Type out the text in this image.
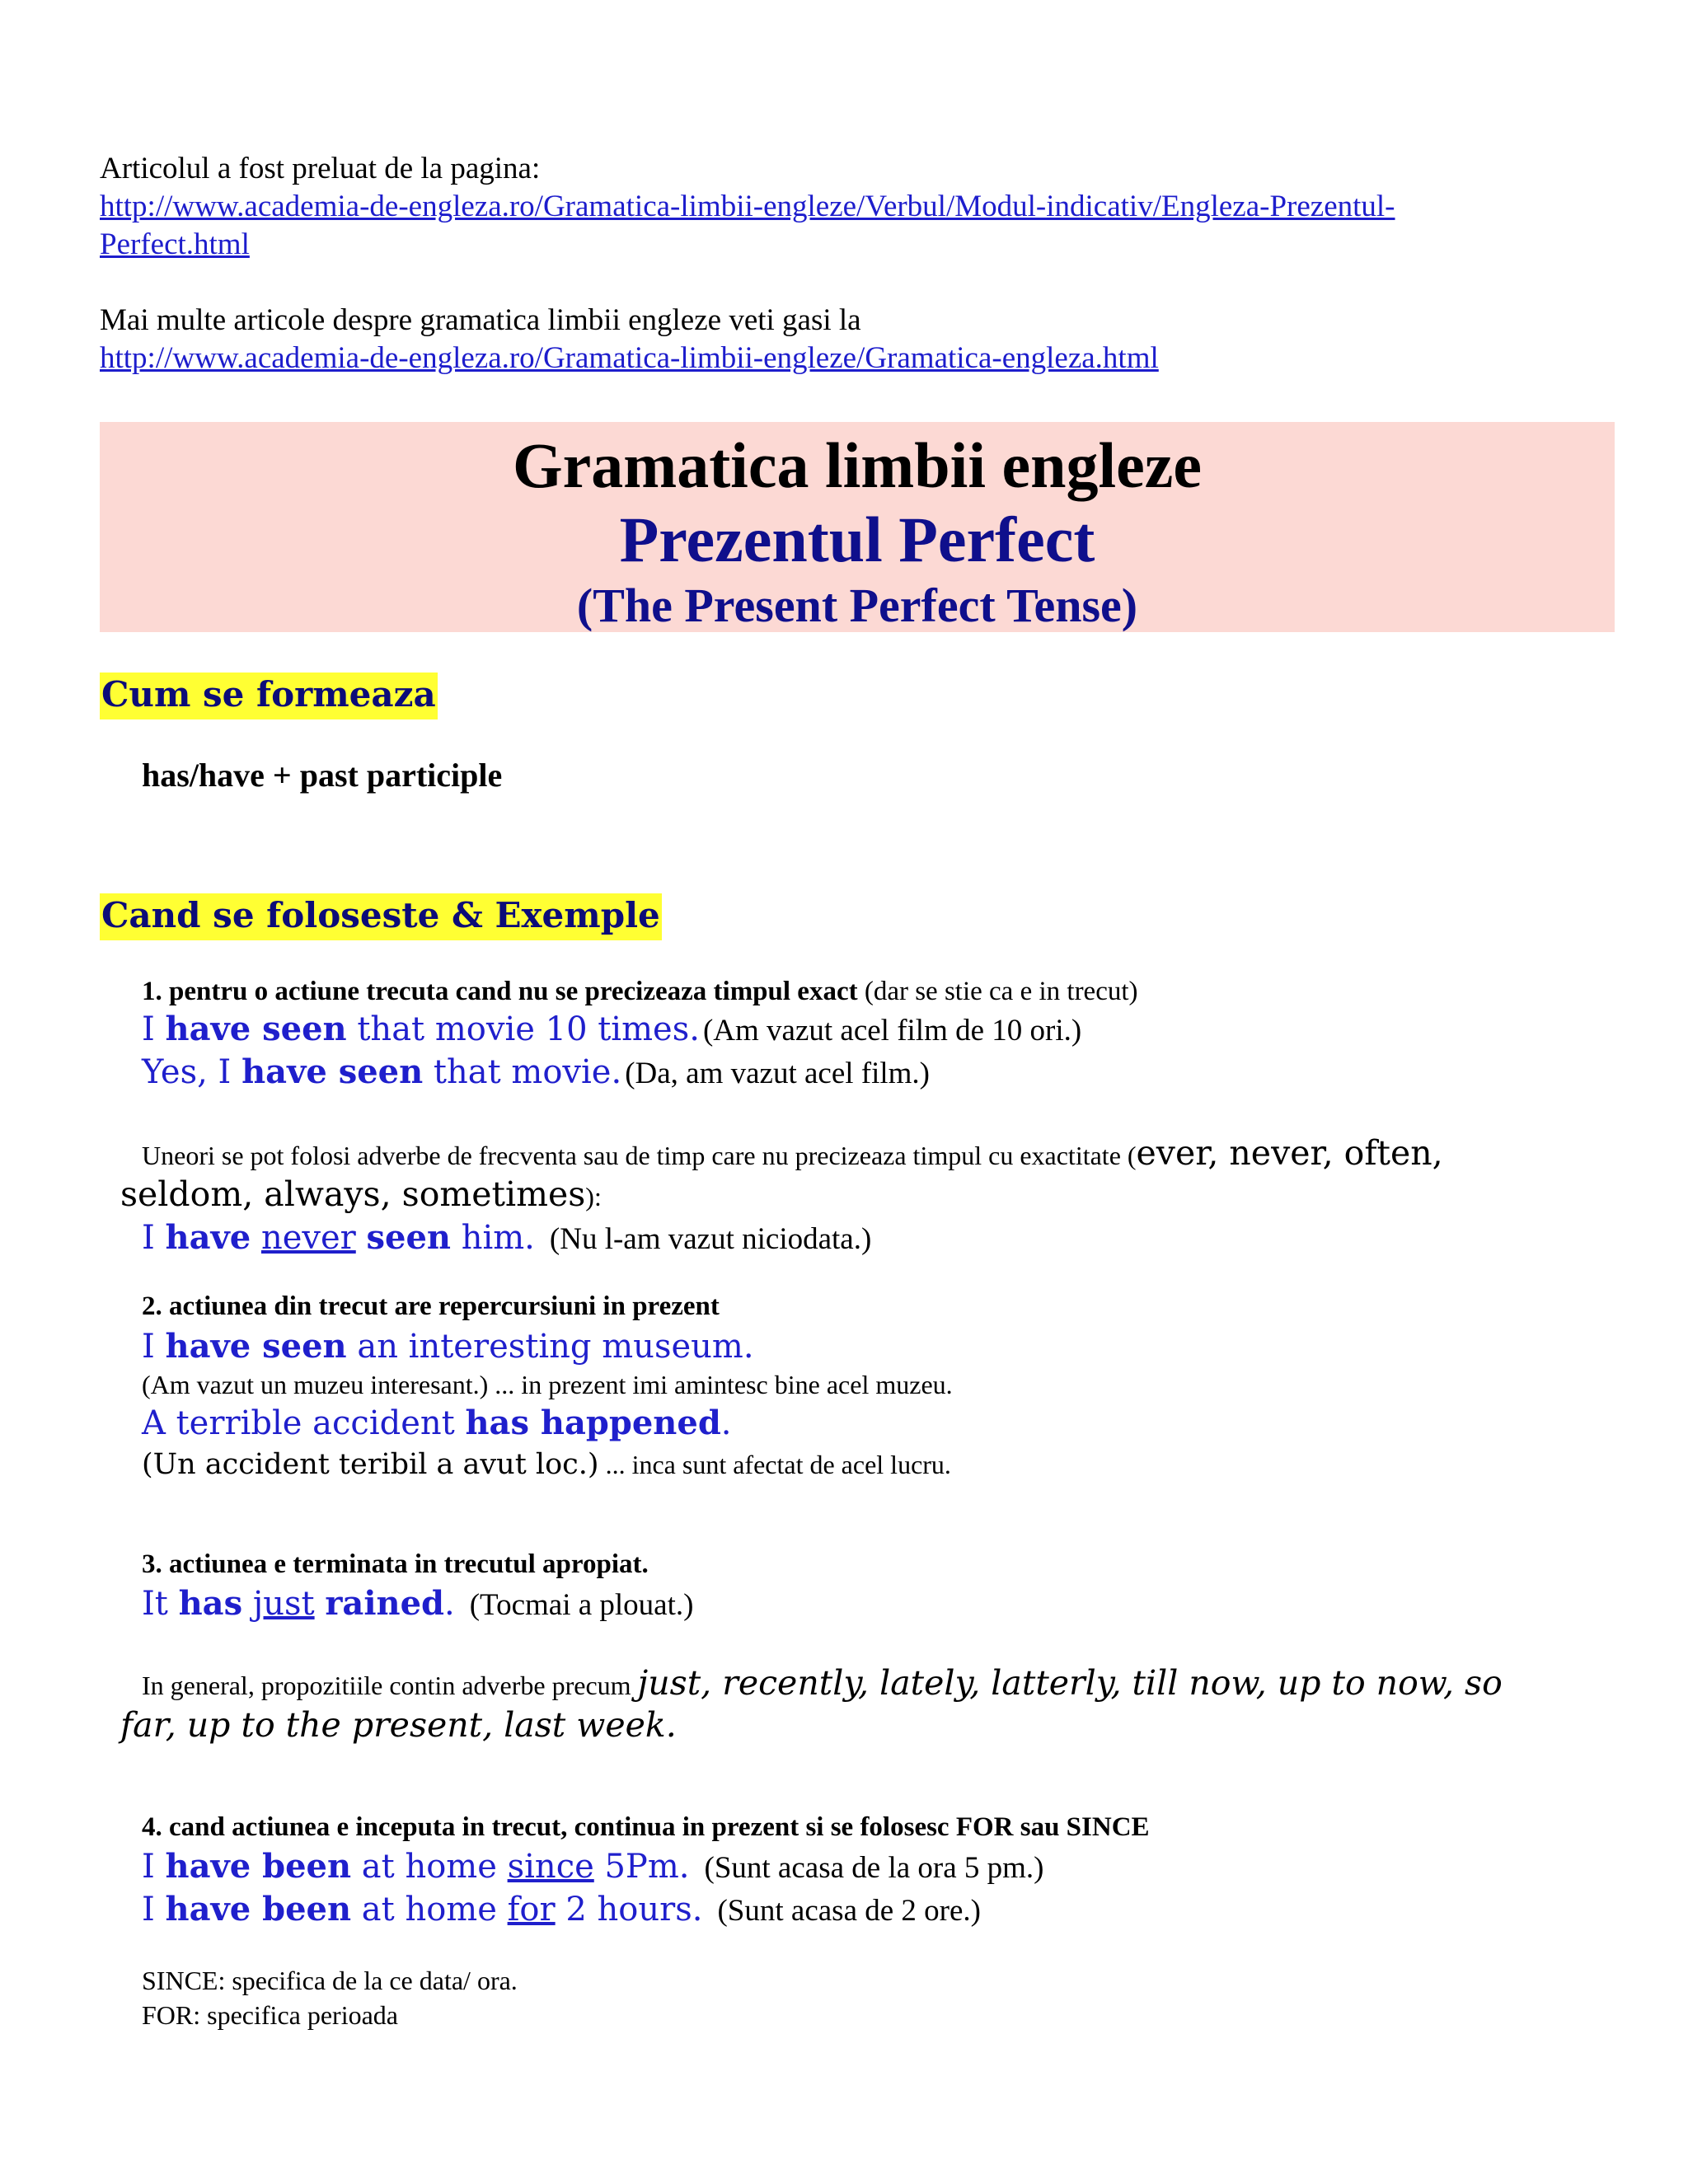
Articolul a fost preluat de la pagina:
http://www.academia-de-engleza.ro/Gramatica-limbii-engleze/Verbul/Modul-indicativ/Engleza-Prezentul-
Perfect.html
Mai multe articole despre gramatica limbii engleze veti gasi la
http://www.academia-de-engleza.ro/Gramatica-limbii-engleze/Gramatica-engleza.html
Gramatica limbii engleze
Prezentul Perfect
(The Present Perfect Tense)
Cum se formeaza
has/have + past participle
Cand se foloseste & Exemple
1. pentru o actiune trecuta cand nu se precizeaza timpul exact (dar se stie ca e in trecut)
I have seen that movie 10 times. (Am vazut acel film de 10 ori.)
Yes, I have seen that movie. (Da, am vazut acel film.)
Uneori se pot folosi adverbe de frecventa sau de timp care nu precizeaza timpul cu exactitate (ever, never, often,
seldom, always, sometimes):
I have never seen him. (Nu l-am vazut niciodata.)
2. actiunea din trecut are repercursiuni in prezent
I have seen an interesting museum.
(Am vazut un muzeu interesant.) ... in prezent imi amintesc bine acel muzeu.
A terrible accident has happened.
(Un accident teribil a avut loc.) ... inca sunt afectat de acel lucru.
3. actiunea e terminata in trecutul apropiat.
It has just rained. (Tocmai a plouat.)
In general, propozitiile contin adverbe precum just, recently, lately, latterly, till now, up to now, so
far, up to the present, last week.
4. cand actiunea e inceputa in trecut, continua in prezent si se folosesc FOR sau SINCE
I have been at home since 5Pm. (Sunt acasa de la ora 5 pm.)
I have been at home for 2 hours. (Sunt acasa de 2 ore.)
SINCE: specifica de la ce data/ ora.
FOR: specifica perioada
